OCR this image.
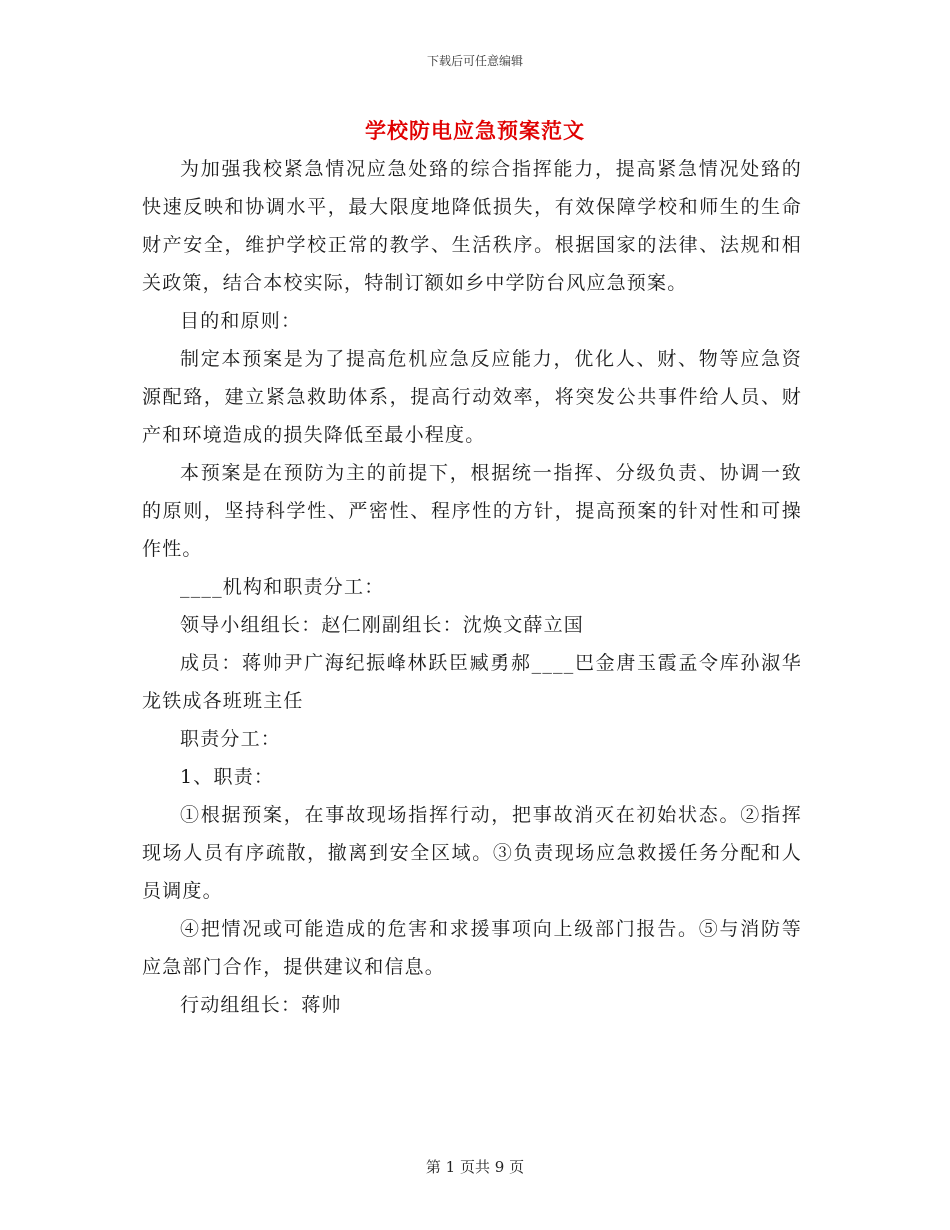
下载后可任意编辑
学校防电应急预案范文

为加强我校紧急情况应急处臵的综合指挥能力，提高紧急情况处臵的快速反映和协调水平，最大限度地降低损失，有效保障学校和师生的生命财产安全，维护学校正常的教学、生活秩序。根据国家的法律、法规和相关政策，结合本校实际，特制订额如乡中学防台风应急预案。

目的和原则：

制定本预案是为了提高危机应急反应能力，优化人、财、物等应急资源配臵，建立紧急救助体系，提高行动效率，将突发公共事件给人员、财产和环境造成的损失降低至最小程度。

本预案是在预防为主的前提下，根据统一指挥、分级负责、协调一致的原则，坚持科学性、严密性、程序性的方针，提高预案的针对性和可操作性。

____机构和职责分工：

领导小组组长：赵仁刚副组长：沈焕文薛立国

成员：蒋帅尹广海纪振峰林跃臣臧勇郝____巴金唐玉霞孟令库孙淑华龙铁成各班班主任

职责分工：

1、职责：

①根据预案，在事故现场指挥行动，把事故消灭在初始状态。②指挥现场人员有序疏散，撤离到安全区域。③负责现场应急救援任务分配和人员调度。

④把情况或可能造成的危害和求援事项向上级部门报告。⑤与消防等应急部门合作，提供建议和信息。

行动组组长：蒋帅

第 1 页共 9 页
